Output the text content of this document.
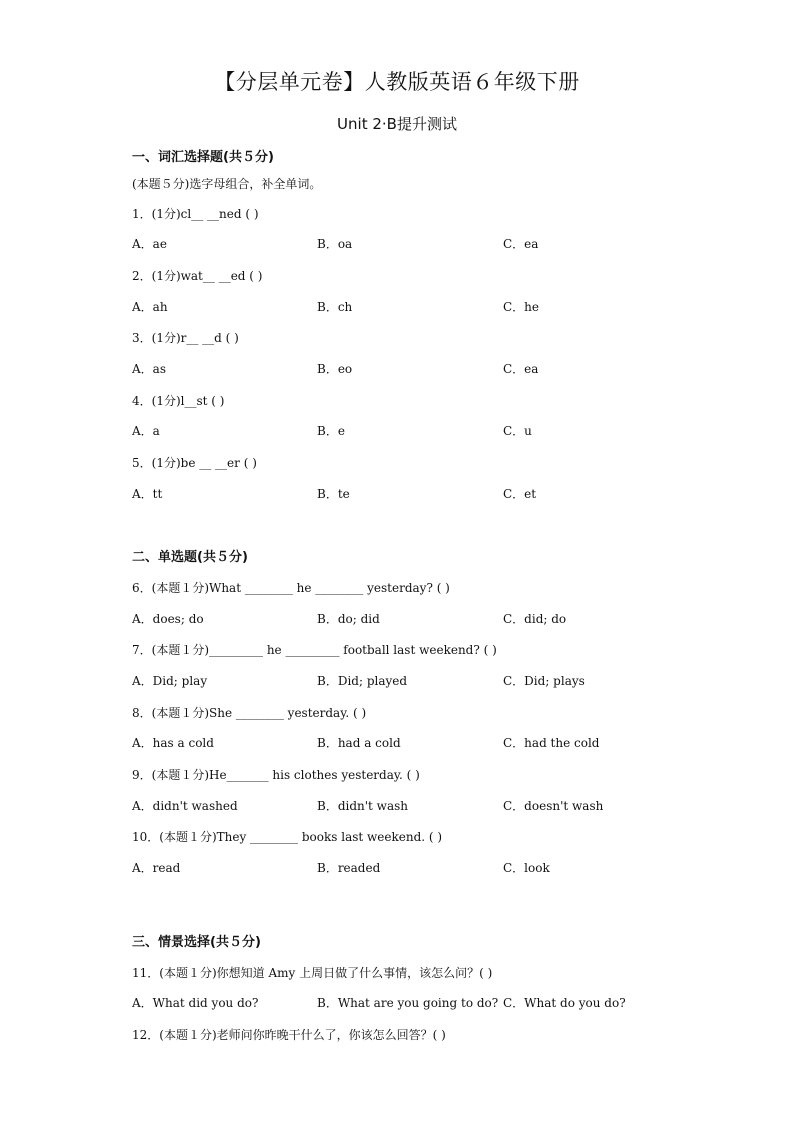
【分层单元卷】人教版英语６年级下册
Unit 2·B提升测试
一、词汇选择题(共５分)
(本题５分)选字母组合，补全单词。
1．(1分)cl__ __ned ( )
A．ae	B．oa	C．ea
2．(1分)wat__ __ed ( )
A．ah	B．ch	C．he
3．(1分)r__ __d ( )
A．as	B．eo	C．ea
4．(1分)l__st ( )
A．a	B．e	C．u
5．(1分)be __ __er ( )
A．tt	B．te	C．et
二、单选题(共５分)
6．(本题１分)What ________ he ________ yesterday? ( )
A．does; do	B．do; did	C．did; do
7．(本题１分)_________ he _________ football last weekend? ( )
A．Did; play	B．Did; played	C．Did; plays
8．(本题１分)She ________ yesterday. ( )
A．has a cold	B．had a cold	C．had the cold
9．(本题１分)He_______ his clothes yesterday. ( )
A．didn't washed	B．didn't wash	C．doesn't wash
10．(本题１分)They ________ books last weekend. ( )
A．read	B．readed	C．look
三、情景选择(共５分)
11．(本题１分)你想知道 Amy 上周日做了什么事情，该怎么问？( )
A．What did you do?	B．What are you going to do? C．What do you do?
12．(本题１分)老师问你昨晚干什么了，你该怎么回答？( )
